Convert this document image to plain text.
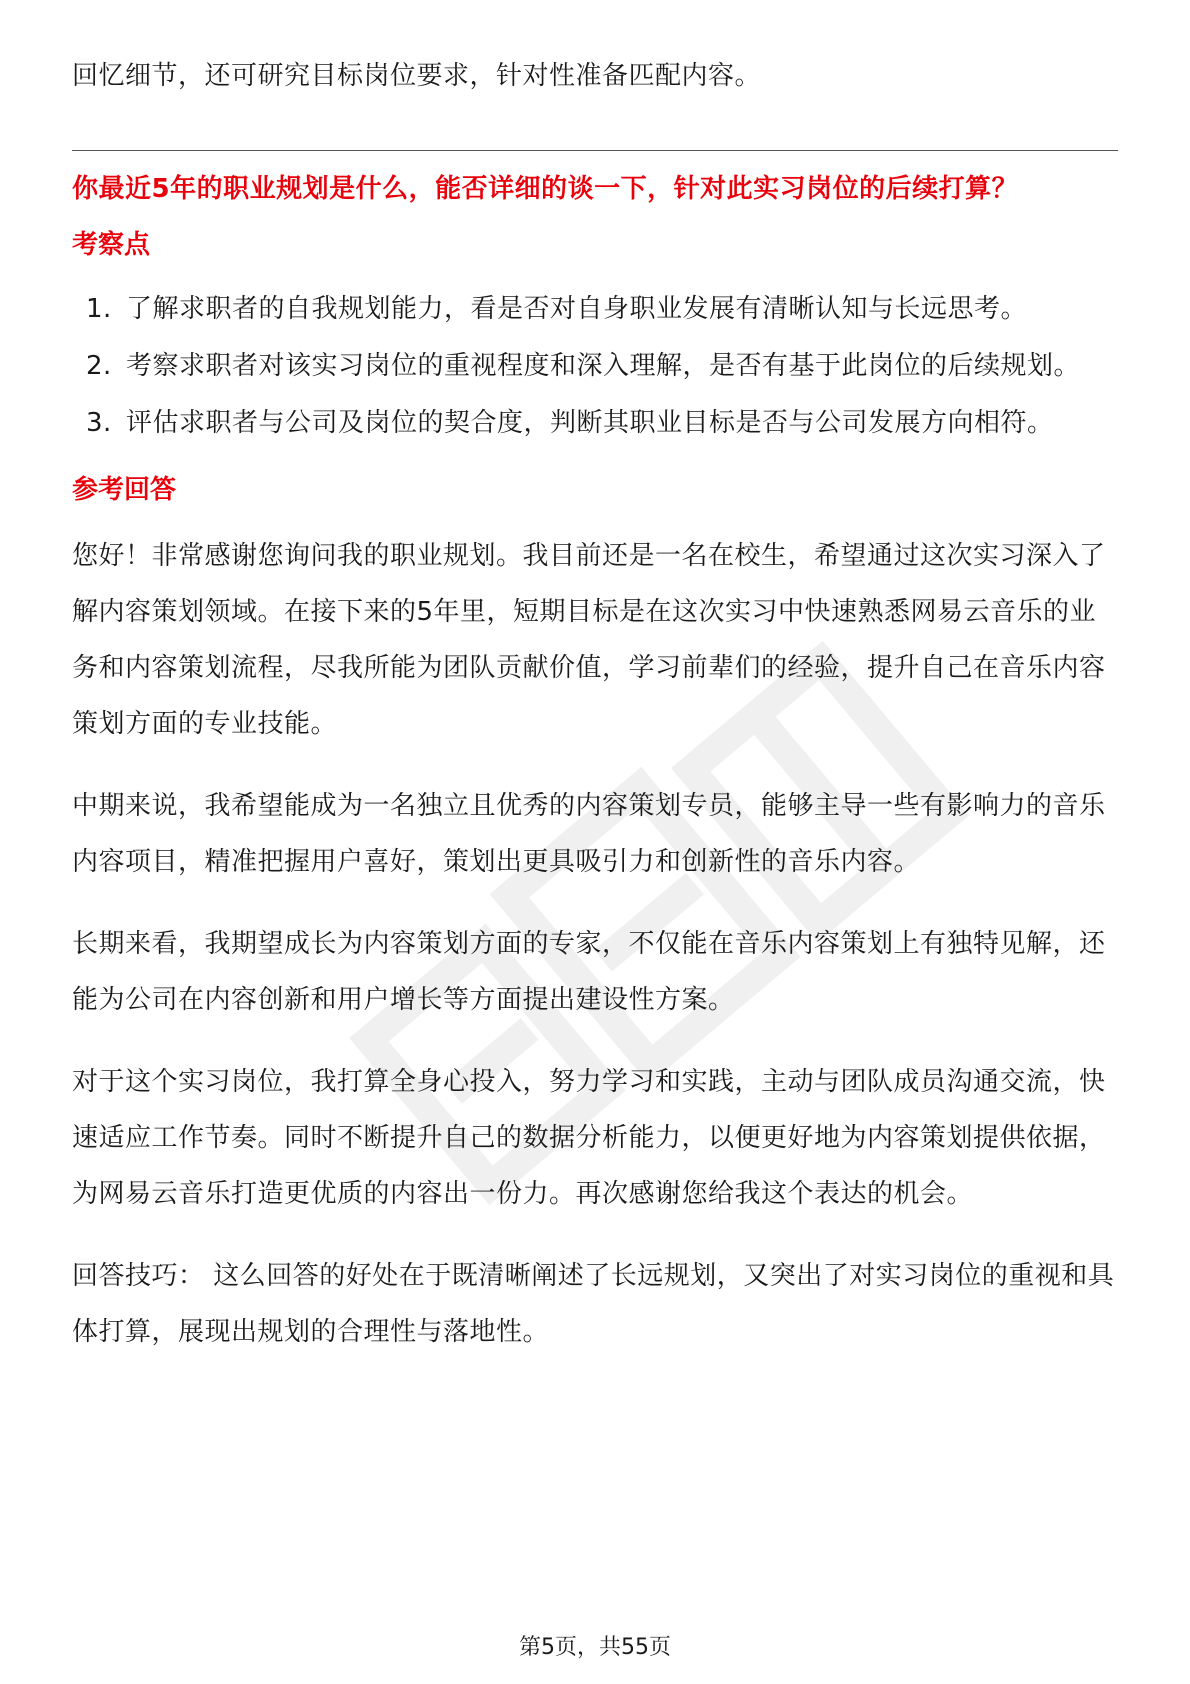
回忆细节，还可研究目标岗位要求，针对性准备匹配内容。

你最近5年的职业规划是什么，能否详细的谈一下，针对此实习岗位的后续打算？

考察点

1. 了解求职者的自我规划能力，看是否对自身职业发展有清晰认知与长远思考。
2. 考察求职者对该实习岗位的重视程度和深入理解，是否有基于此岗位的后续规划。
3. 评估求职者与公司及岗位的契合度，判断其职业目标是否与公司发展方向相符。

参考回答

您好！非常感谢您询问我的职业规划。我目前还是一名在校生，希望通过这次实习深入了解内容策划领域。在接下来的5年里，短期目标是在这次实习中快速熟悉网易云音乐的业务和内容策划流程，尽我所能为团队贡献价值，学习前辈们的经验，提升自己在音乐内容策划方面的专业技能。

中期来说，我希望能成为一名独立且优秀的内容策划专员，能够主导一些有影响力的音乐内容项目，精准把握用户喜好，策划出更具吸引力和创新性的音乐内容。

长期来看，我期望成长为内容策划方面的专家，不仅能在音乐内容策划上有独特见解，还能为公司在内容创新和用户增长等方面提出建设性方案。

对于这个实习岗位，我打算全身心投入，努力学习和实践，主动与团队成员沟通交流，快速适应工作节奏。同时不断提升自己的数据分析能力，以便更好地为内容策划提供依据，为网易云音乐打造更优质的内容出一份力。再次感谢您给我这个表达的机会。

回答技巧： 这么回答的好处在于既清晰阐述了长远规划，又突出了对实习岗位的重视和具体打算，展现出规划的合理性与落地性。

第5页，共55页
